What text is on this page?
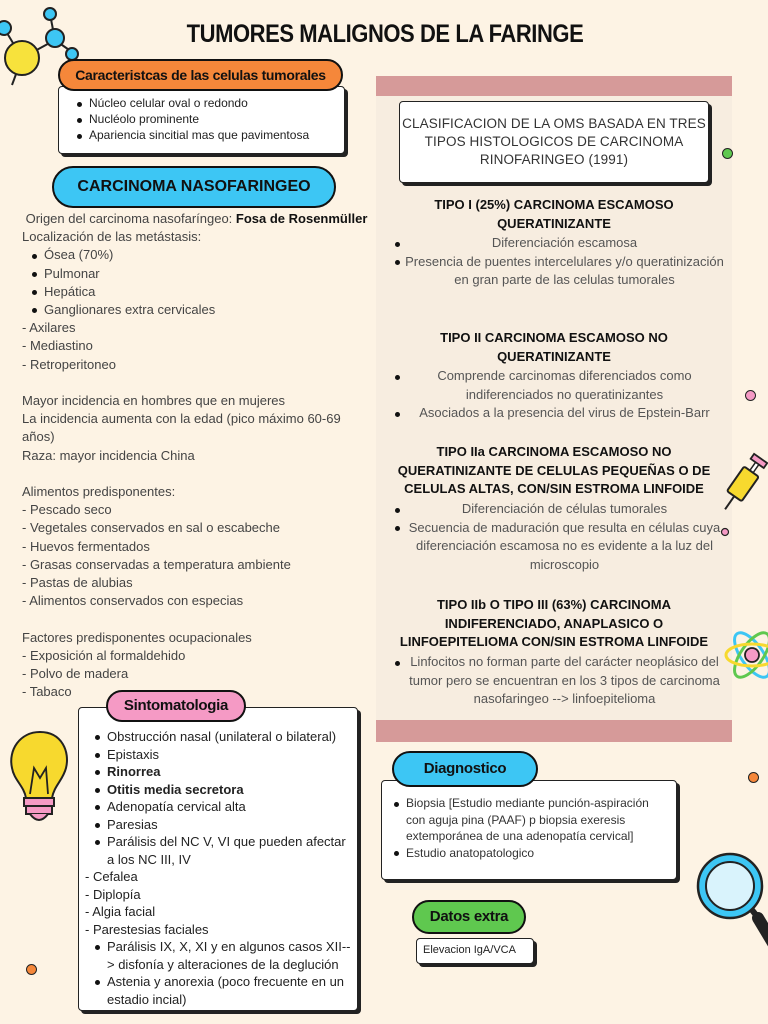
TUMORES MALIGNOS DE LA FARINGE
Núcleo celular oval o redondo
Nucléolo prominente
Apariencia sincitial mas que pavimentosa
Caracteristcas de las celulas tumorales
CARCINOMA NASOFARINGEO
Origen del carcinoma nasofaríngeo: Fosa de Rosenmüller
Localización de las metástasis:
Ósea (70%)
Pulmonar
Hepática
Ganglionares extra cervicales
- Axilares
- Mediastino
- Retroperitoneo
Mayor incidencia en hombres que en mujeres
La incidencia aumenta con la edad (pico máximo 60-69
años)
Raza: mayor incidencia China
Alimentos predisponentes:
- Pescado seco
- Vegetales conservados en sal o escabeche
- Huevos fermentados
- Grasas conservadas a temperatura ambiente
- Pastas de alubias
- Alimentos conservados con especias
Factores predisponentes ocupacionales
- Exposición al formaldehido
- Polvo de madera
- Tabaco
Obstrucción nasal (unilateral o bilateral)
Epistaxis
Rinorrea
Otitis media secretora
Adenopatía cervical alta
Paresias
Parálisis del NC V, VI que pueden afectar a los NC III, IV
- Cefalea
- Diplopía
- Algia facial
- Parestesias faciales
Parálisis IX, X, XI y en algunos casos XII--> disfonía y alteraciones de la deglución
Astenia y anorexia (poco frecuente en un estadio incial)
Sintomatologia
CLASIFICACION DE LA OMS BASADA EN TRES TIPOS HISTOLOGICOS DE CARCINOMA RINOFARINGEO (1991)
TIPO I (25%) CARCINOMA ESCAMOSO QUERATINIZANTE
Diferenciación escamosa
Presencia de puentes intercelulares y/o queratinización en gran parte de las celulas tumorales
TIPO II CARCINOMA ESCAMOSO NO QUERATINIZANTE
Comprende carcinomas diferenciados como indiferenciados no queratinizantes
Asociados a la presencia del virus de Epstein-Barr
TIPO IIa CARCINOMA ESCAMOSO NO QUERATINIZANTE DE CELULAS PEQUEÑAS O DE CELULAS ALTAS, CON/SIN ESTROMA LINFOIDE
Diferenciación de células tumorales
Secuencia de maduración que resulta en células cuya diferenciación escamosa no es evidente a la luz del microscopio
TIPO IIb O TIPO III (63%) CARCINOMA INDIFERENCIADO, ANAPLASICO O LINFOEPITELIOMA CON/SIN ESTROMA LINFOIDE
Linfocitos no forman parte del carácter neoplásico del tumor pero se encuentran en los 3 tipos de carcinoma nasofaringeo --> linfoepitelioma
Biopsia [Estudio mediante punción-aspiración con aguja pina (PAAF) p biopsia exeresis extemporánea de una adenopatía cervical]
Estudio anatopatologico
Diagnostico
Datos extra
Elevacion IgA/VCA
